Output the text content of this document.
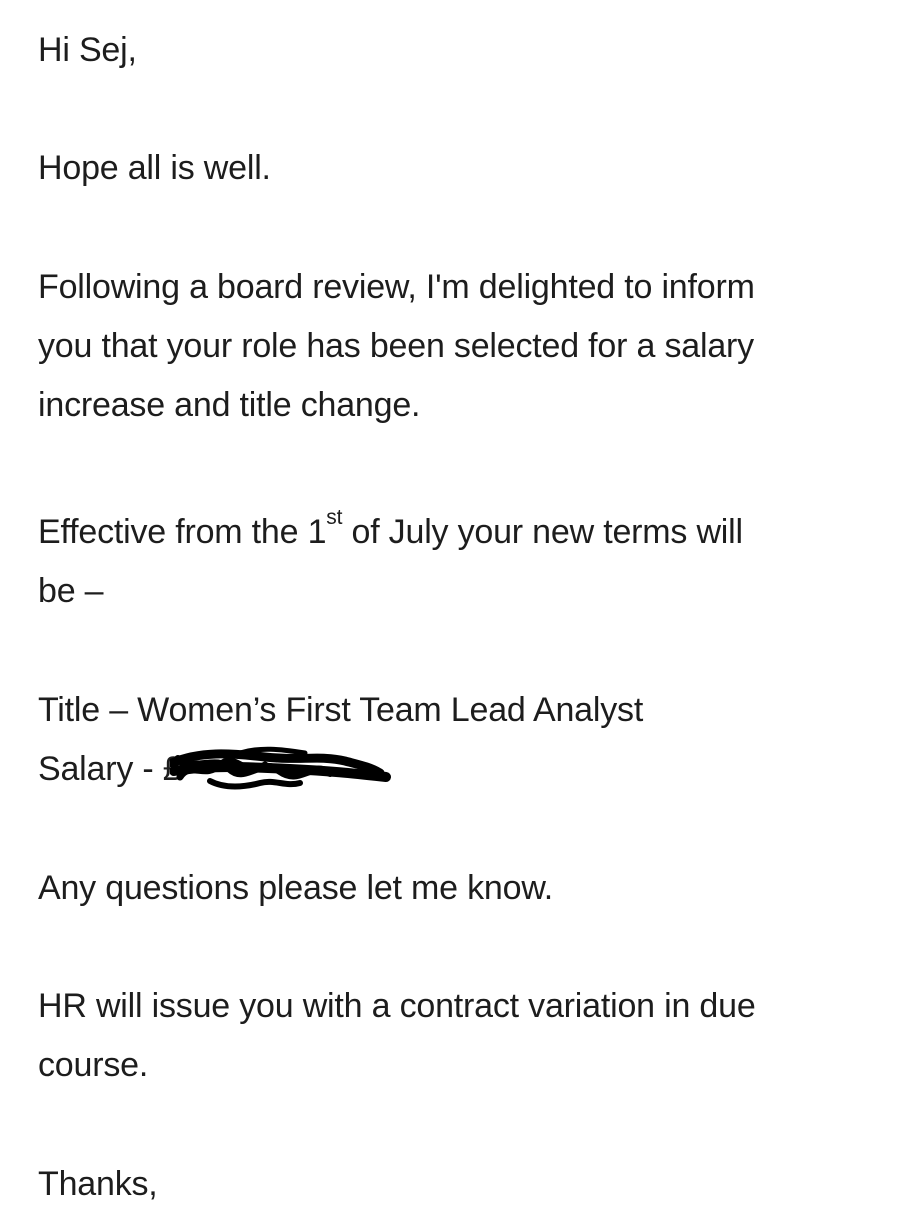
Hi Sej,
Hope all is well.
Following a board review, I'm delighted to inform
you that your role has been selected for a salary
increase and title change.
Effective from the 1st of July your new terms will
be –
Title – Women’s First Team Lead Analyst
Salary - £
Any questions please let me know.
HR will issue you with a contract variation in due
course.
Thanks,
